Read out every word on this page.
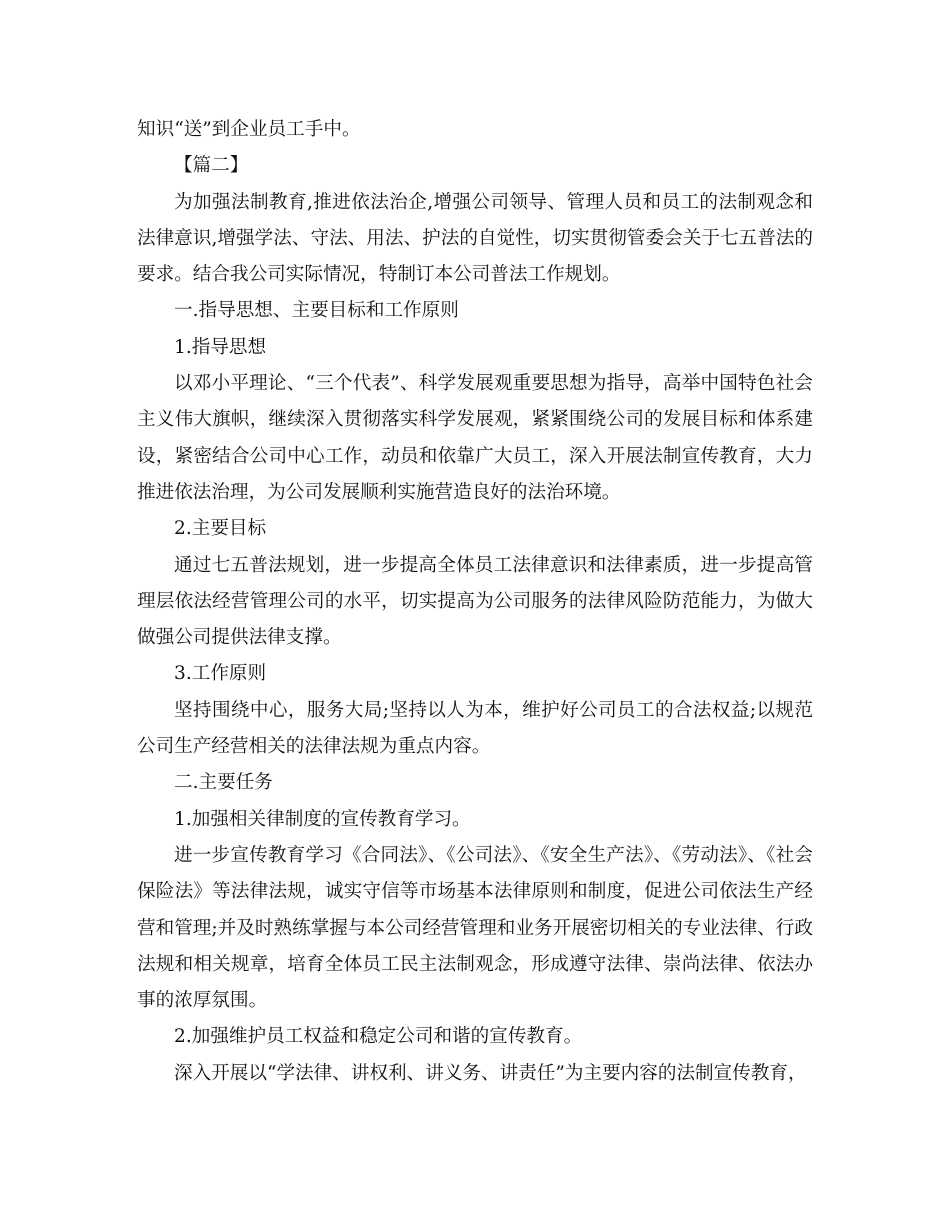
知识“送”到企业员工手中。

【篇二】

为加强法制教育,推进依法治企,增强公司领导、管理人员和员工的法制观念和法律意识,增强学法、守法、用法、护法的自觉性，切实贯彻管委会关于七五普法的要求。结合我公司实际情况，特制订本公司普法工作规划。

一.指导思想、主要目标和工作原则

1.指导思想

以邓小平理论、“三个代表”、科学发展观重要思想为指导，高举中国特色社会主义伟大旗帜，继续深入贯彻落实科学发展观，紧紧围绕公司的发展目标和体系建设，紧密结合公司中心工作，动员和依靠广大员工，深入开展法制宣传教育，大力推进依法治理，为公司发展顺利实施营造良好的法治环境。

2.主要目标

通过七五普法规划，进一步提高全体员工法律意识和法律素质，进一步提高管理层依法经营管理公司的水平，切实提高为公司服务的法律风险防范能力，为做大做强公司提供法律支撑。

3.工作原则

坚持围绕中心，服务大局;坚持以人为本，维护好公司员工的合法权益;以规范公司生产经营相关的法律法规为重点内容。

二.主要任务

1.加强相关律制度的宣传教育学习。

进一步宣传教育学习《合同法》、《公司法》、《安全生产法》、《劳动法》、《社会保险法》等法律法规，诚实守信等市场基本法律原则和制度，促进公司依法生产经营和管理;并及时熟练掌握与本公司经营管理和业务开展密切相关的专业法律、行政法规和相关规章，培育全体员工民主法制观念，形成遵守法律、崇尚法律、依法办事的浓厚氛围。

2.加强维护员工权益和稳定公司和谐的宣传教育。

深入开展以“学法律、讲权利、讲义务、讲责任”为主要内容的法制宣传教育，
